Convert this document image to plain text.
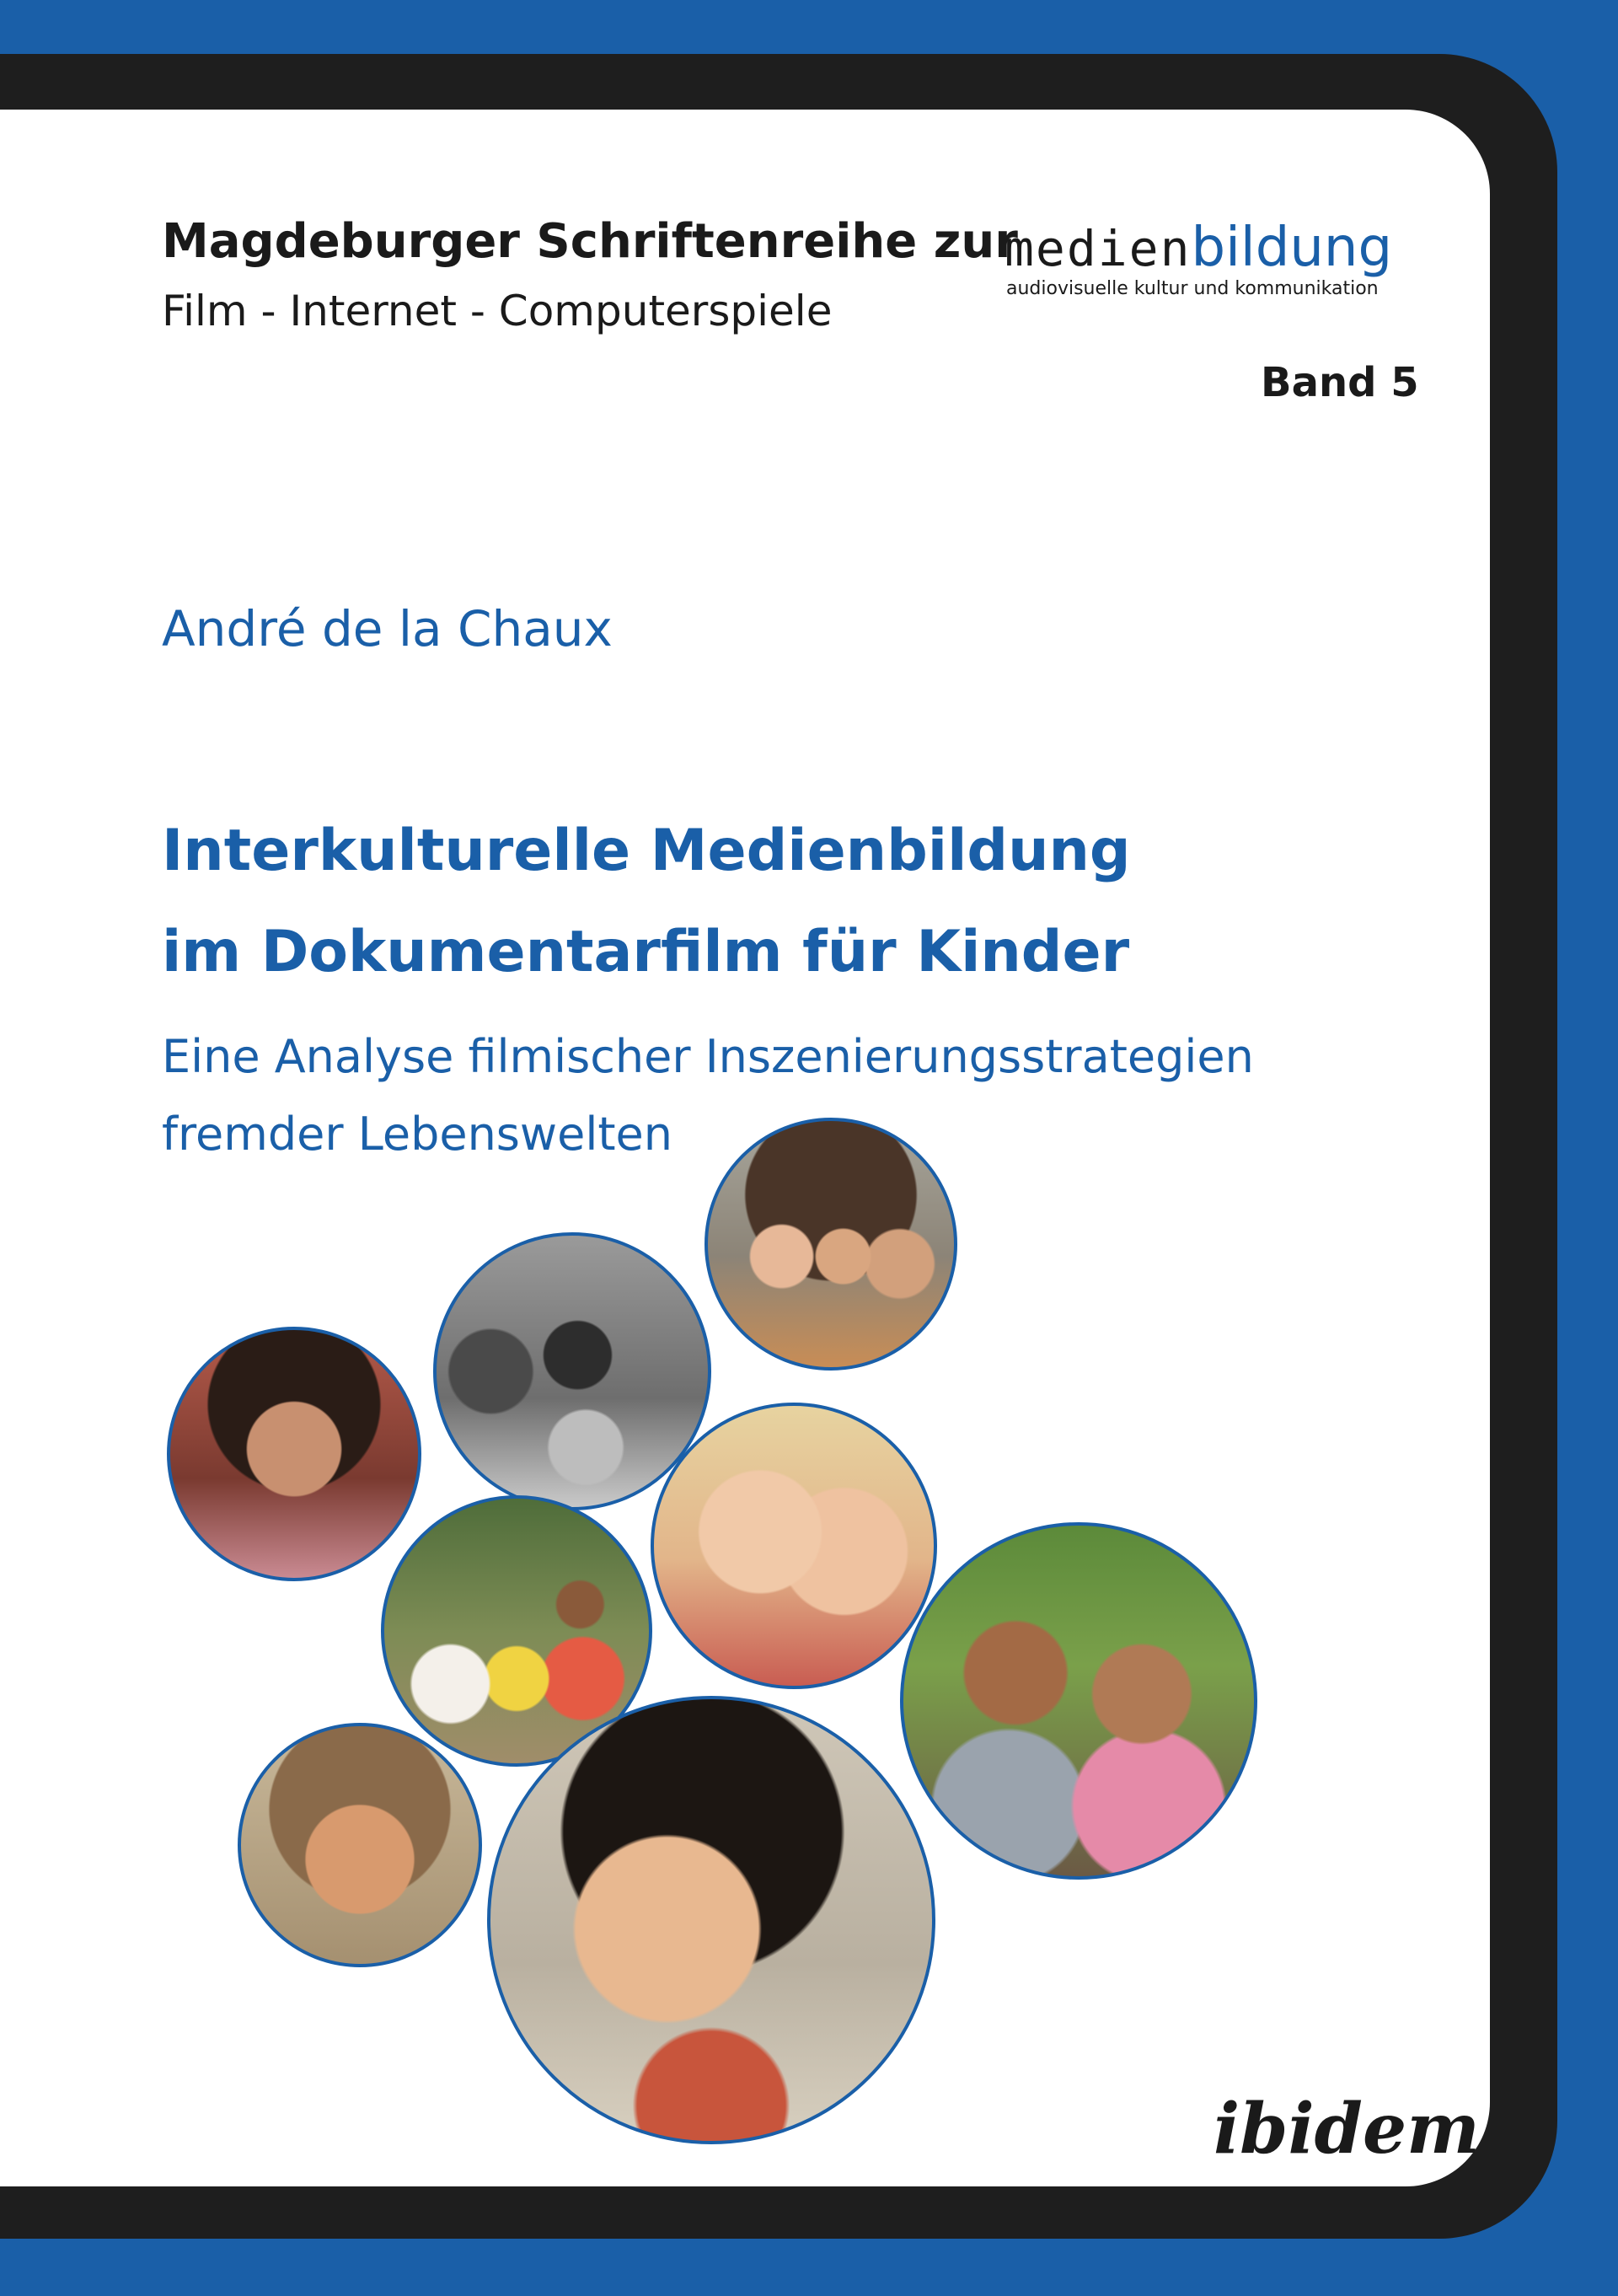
Magdeburger Schriftenreihe zur
Film - Internet - Computerspiele
medienbildung
audiovisuelle kultur und kommunikation
Band 5
André de la Chaux
Interkulturelle Medienbildung
im Dokumentarfilm für Kinder
Eine Analyse filmischer Inszenierungsstrategien
fremder Lebenswelten
ibidem
